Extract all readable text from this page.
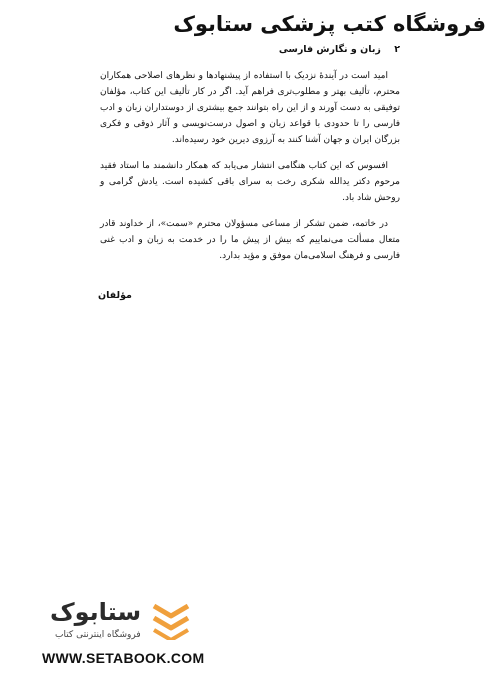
فروشگاه کتب پزشکی ستابوک
۲ زبان و نگارش فارسی

امید است در آیندهٔ نزدیک با استفاده از پیشنهادها و نظرهای اصلاحی همکاران محترم، تألیف بهتر و مطلوب‌تری فراهم آید. اگر در کار تألیف این کتاب، مؤلفان توفیقی به دست آورند و از این راه بتوانند جمع بیشتری از دوستداران زبان و ادب فارسی را تا حدودی با قواعد زبان و اصول درست‌نویسی و آثار ذوقی و فکری بزرگان ایران و جهان آشنا کنند به آرزوی دیرین خود رسیده‌اند.

افسوس که این کتاب هنگامی انتشار می‌یابد که همکار دانشمند ما استاد فقید مرحوم دکتر یدالله شکری رخت به سرای باقی کشیده است. یادش گرامی و روحش شاد باد.

در خاتمه، ضمن تشکر از مساعی مسؤولان محترم «سمت»، از خداوند قادر متعال مسألت می‌نماییم که بیش از پیش ما را در خدمت به زبان و ادب غنی فارسی و فرهنگ اسلامی‌مان موفق و مؤید بدارد.

مؤلفان
ستابوک
فروشگاه اینترنتی کتاب
WWW.SETABOOK.COM
